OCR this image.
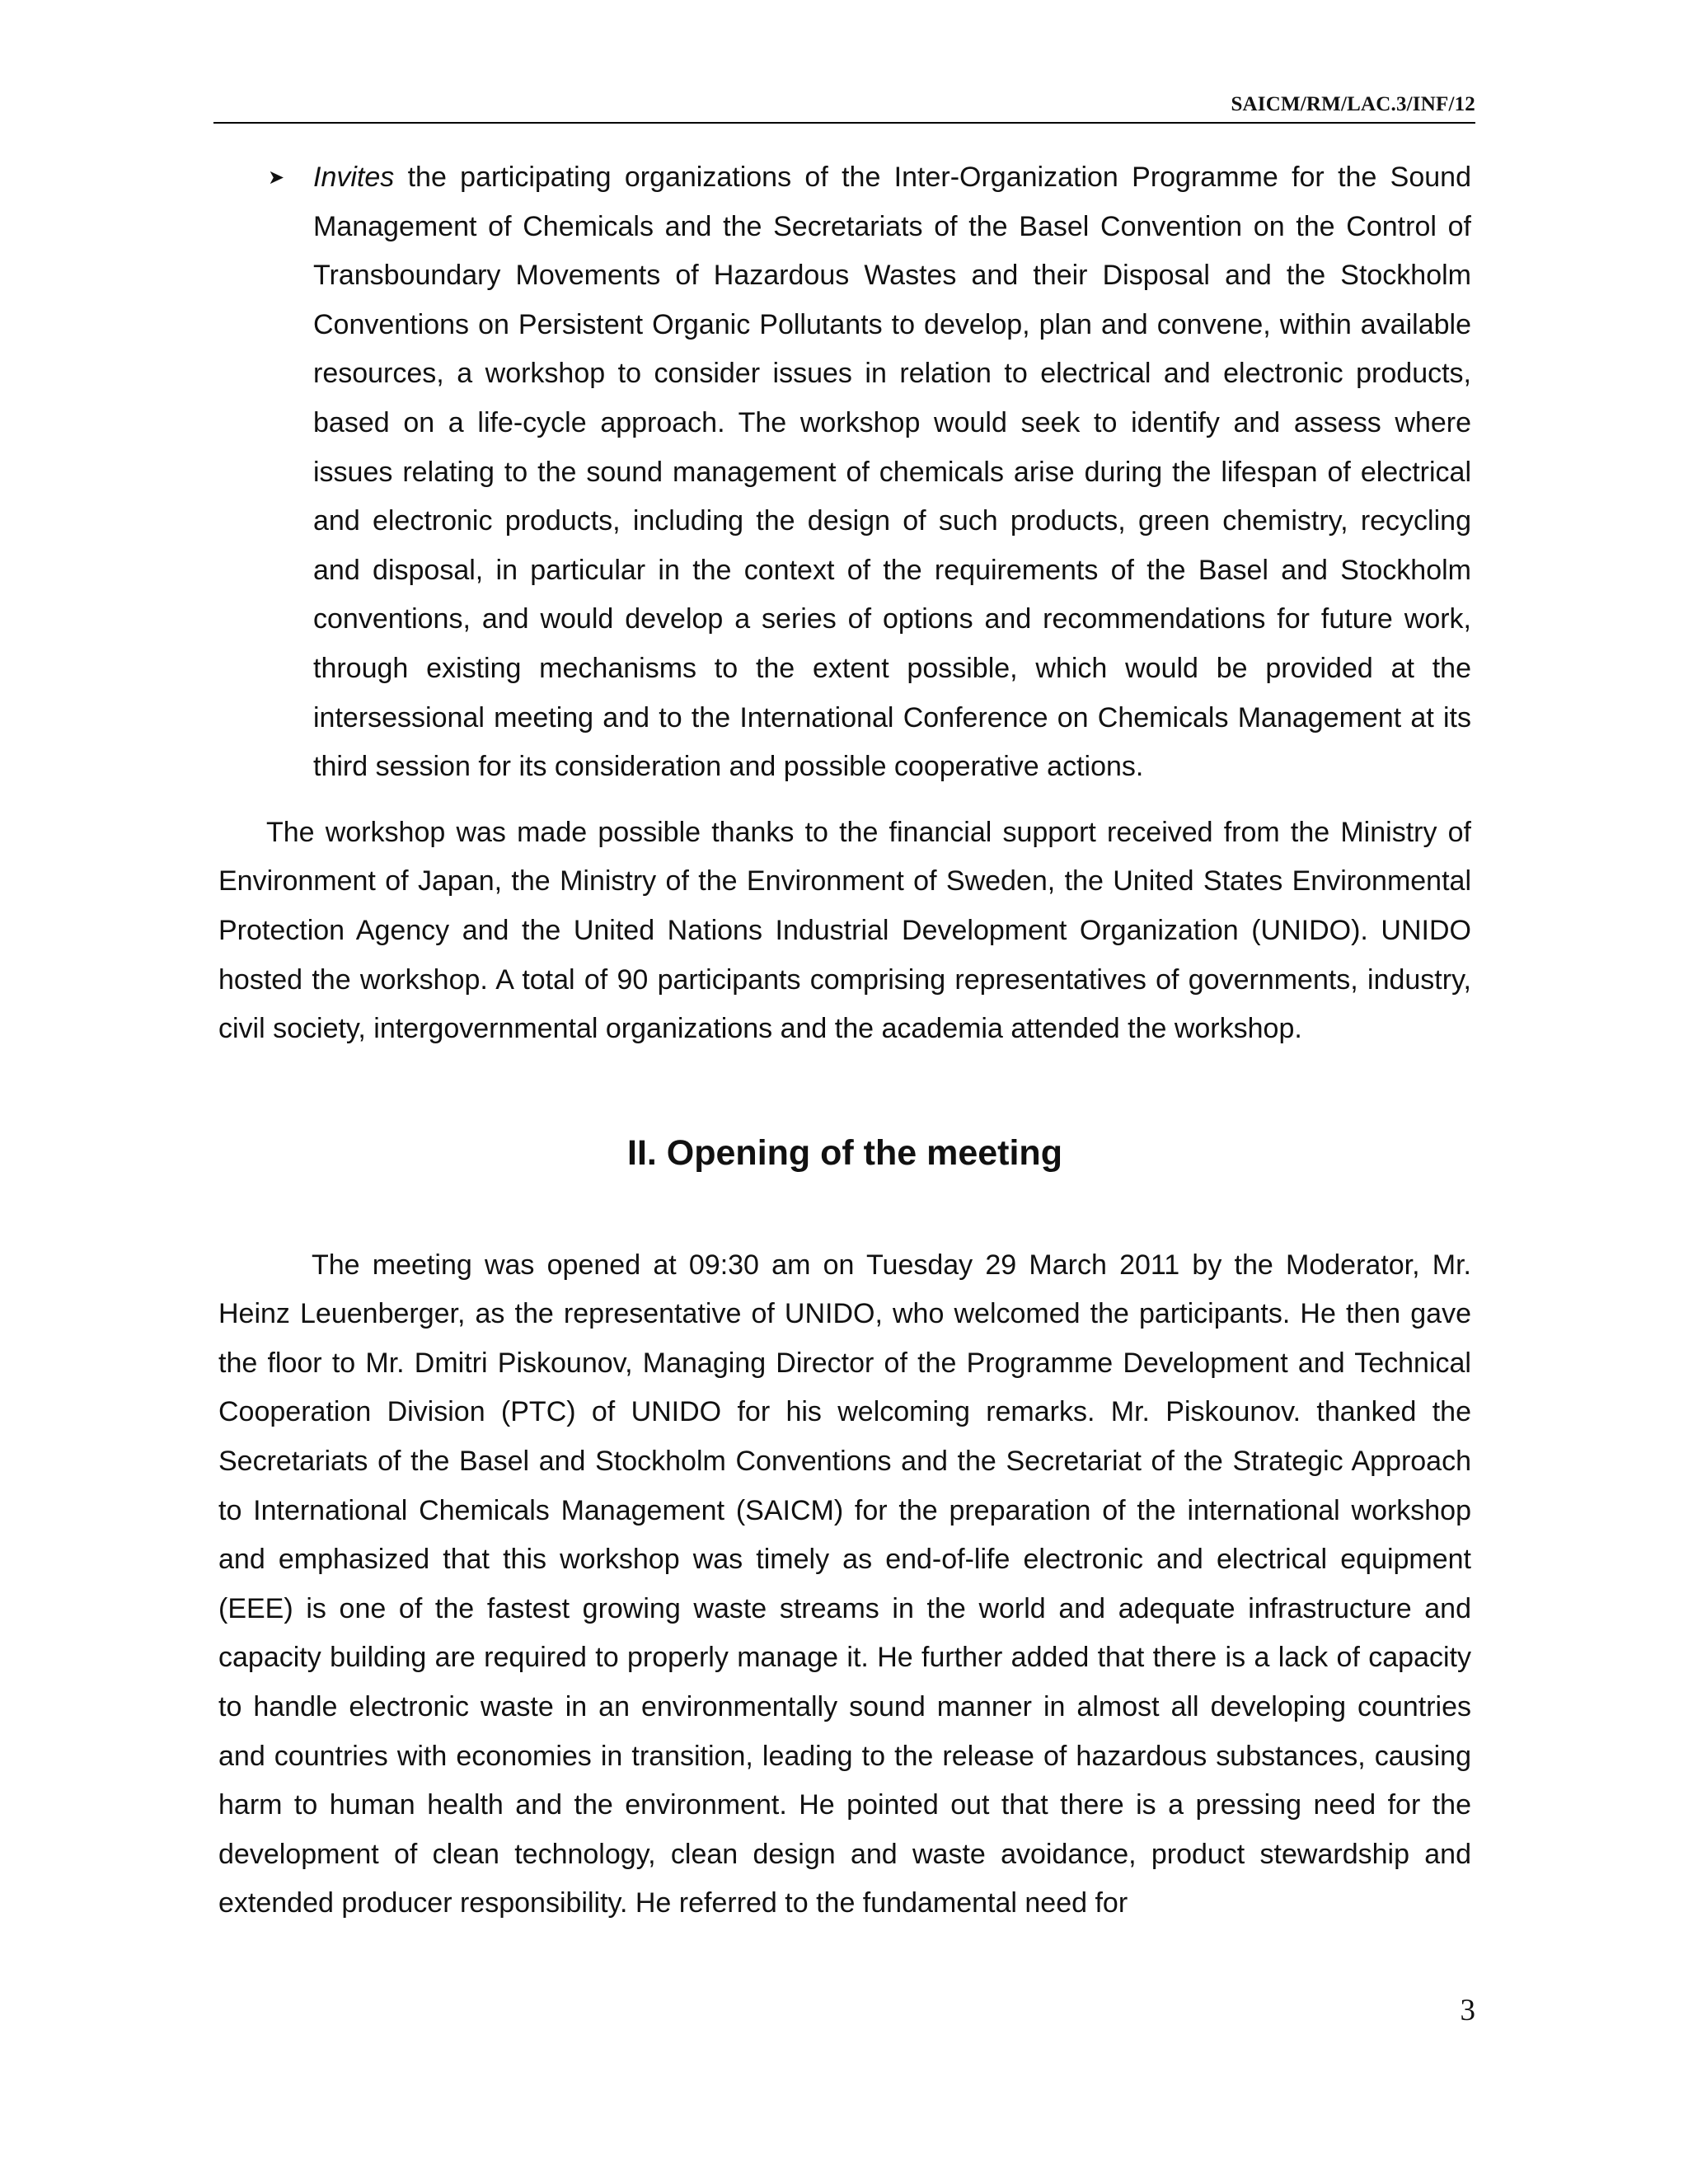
SAICM/RM/LAC.3/INF/12

➤ Invites the participating organizations of the Inter-Organization Programme for the Sound Management of Chemicals and the Secretariats of the Basel Convention on the Control of Transboundary Movements of Hazardous Wastes and their Disposal and the Stockholm Conventions on Persistent Organic Pollutants to develop, plan and convene, within available resources, a workshop to consider issues in relation to electrical and electronic products, based on a life-cycle approach. The workshop would seek to identify and assess where issues relating to the sound management of chemicals arise during the lifespan of electrical and electronic products, including the design of such products, green chemistry, recycling and disposal, in particular in the context of the requirements of the Basel and Stockholm conventions, and would develop a series of options and recommendations for future work, through existing mechanisms to the extent possible, which would be provided at the intersessional meeting and to the International Conference on Chemicals Management at its third session for its consideration and possible cooperative actions.

The workshop was made possible thanks to the financial support received from the Ministry of Environment of Japan, the Ministry of the Environment of Sweden, the United States Environmental Protection Agency and the United Nations Industrial Development Organization (UNIDO). UNIDO hosted the workshop. A total of 90 participants comprising representatives of governments, industry, civil society, intergovernmental organizations and the academia attended the workshop.

II. Opening of the meeting

The meeting was opened at 09:30 am on Tuesday 29 March 2011 by the Moderator, Mr. Heinz Leuenberger, as the representative of UNIDO, who welcomed the participants. He then gave the floor to Mr. Dmitri Piskounov, Managing Director of the Programme Development and Technical Cooperation Division (PTC) of UNIDO for his welcoming remarks. Mr. Piskounov. thanked the Secretariats of the Basel and Stockholm Conventions and the Secretariat of the Strategic Approach to International Chemicals Management (SAICM) for the preparation of the international workshop and emphasized that this workshop was timely as end-of-life electronic and electrical equipment (EEE) is one of the fastest growing waste streams in the world and adequate infrastructure and capacity building are required to properly manage it. He further added that there is a lack of capacity to handle electronic waste in an environmentally sound manner in almost all developing countries and countries with economies in transition, leading to the release of hazardous substances, causing harm to human health and the environment. He pointed out that there is a pressing need for the development of clean technology, clean design and waste avoidance, product stewardship and extended producer responsibility. He referred to the fundamental need for

3
